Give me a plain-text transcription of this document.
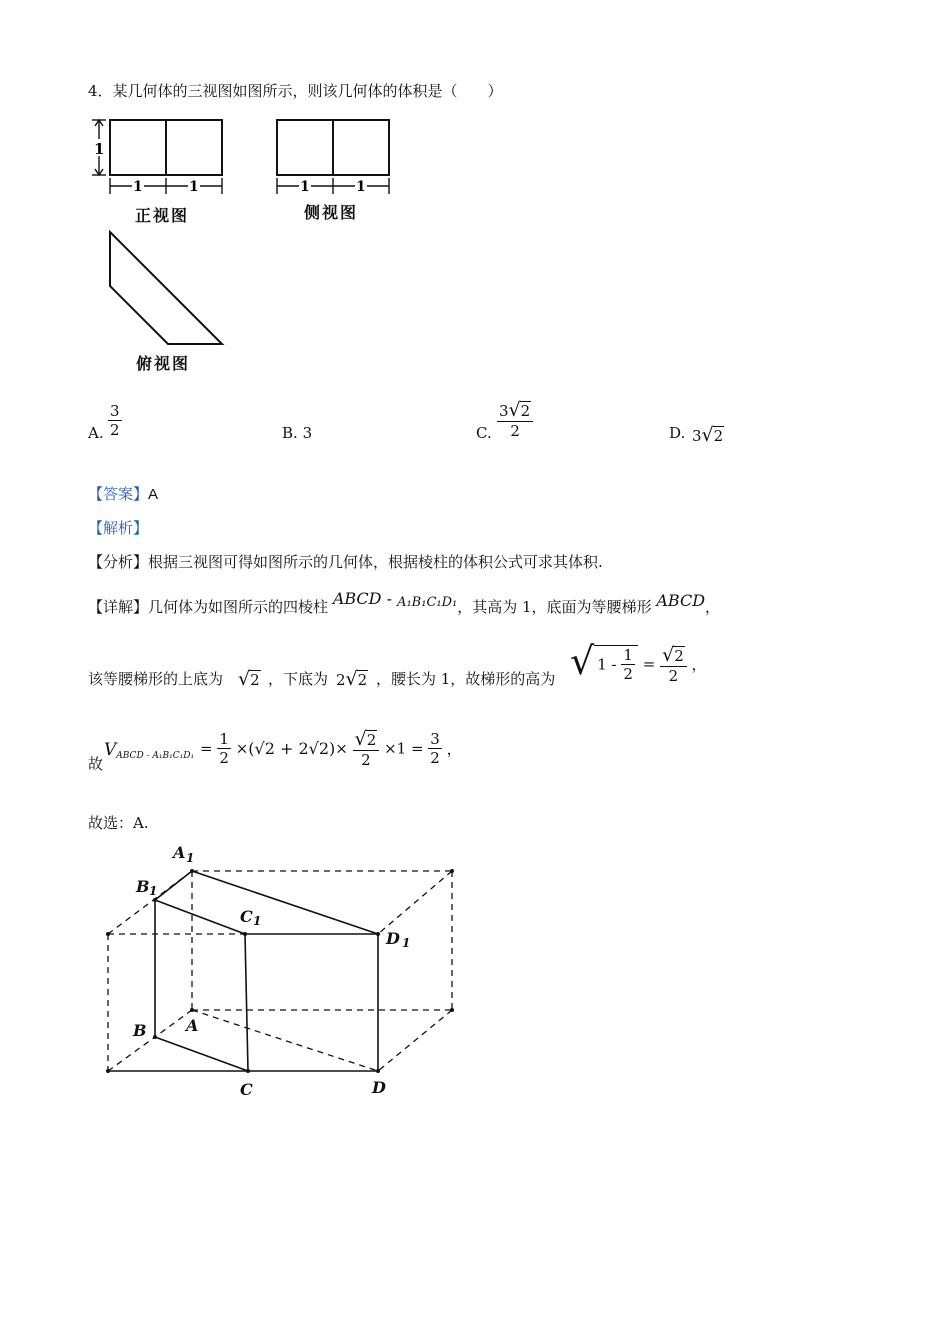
4．某几何体的三视图如图所示，则该几何体的体积是（　　）
1
1	1	1	1
正视图	侧视图
俯视图
A. $\frac{3}{2}$	B. 3	C. $\frac{3√2}{2}$	D. 3√2
【答案】A
【解析】
【分析】根据三视图可得如图所示的几何体，根据棱柱的体积公式可求其体积.
【详解】几何体为如图所示的四棱柱 ABCD - A₁B₁C₁D₁，其高为 1，底面为等腰梯形 ABCD，
该等腰梯形的上底为 √2 ，下底为 2√2 ，腰长为 1，故梯形的高为 √ $1 - \frac{1}{2} = \frac{√2}{2}$ ，
故
$V_{ABCD - A_1B_1C_1D_1} = \frac{1}{2} \times(√2 + 2√2)\times \frac{√2}{2} \times 1 = \frac{3}{2}$ ，
故选：A.
A 1
B 1
C 1
D 1
B A
C	D
